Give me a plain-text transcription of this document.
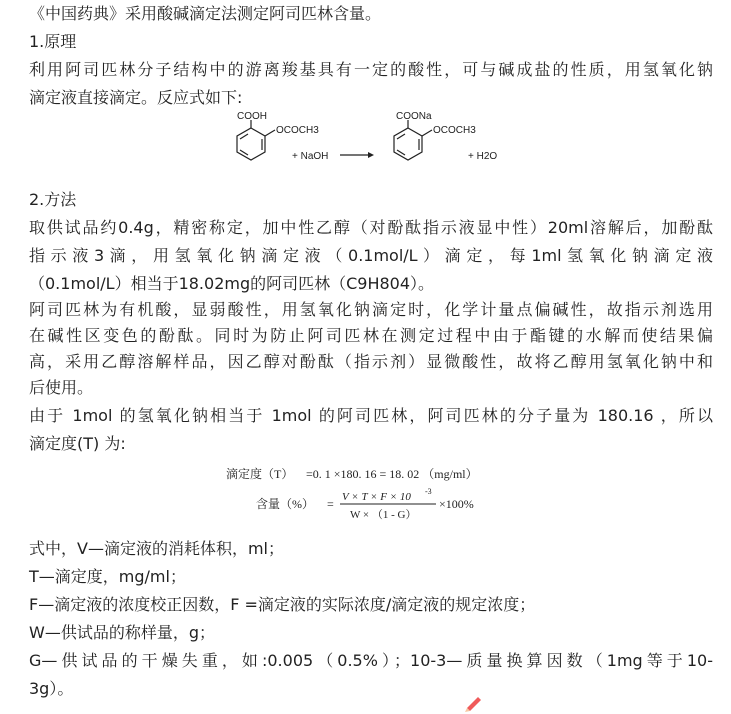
《中国药典》采用酸碱滴定法测定阿司匹林含量。
1.原理
利用阿司匹林分子结构中的游离羧基具有一定的酸性，可与碱成盐的性质，用氢氧化钠
滴定液直接滴定。反应式如下:
COOH
OCOCH3
+ NaOH
COONa
OCOCH3
+ H2O
2.方法
取供试品约0.4g，精密称定，加中性乙醇（对酚酞指示液显中性）20ml溶解后，加酚酞
指 示 液 3 滴 ， 用 氢 氧 化 钠 滴 定 液 （ 0.1mol/L ） 滴 定 ， 每 1ml 氢 氧 化 钠 滴 定 液
（0.1mol/L）相当于18.02mg的阿司匹林（C9H804）。
阿司匹林为有机酸，显弱酸性，用氢氧化钠滴定时，化学计量点偏碱性，故指示剂选用
在碱性区变色的酚酞。同时为防止阿司匹林在测定过程中由于酯键的水解而使结果偏
高，采用乙醇溶解样品，因乙醇对酚酞（指示剂）显微酸性，故将乙醇用氢氧化钠中和
后使用。
由于 1mol 的氢氧化钠相当于 1mol 的阿司匹林，阿司匹林的分子量为 180.16 ，所以
滴定度(T) 为:
滴定度（T） =0. 1 ×180. 16 = 18. 02 （mg/ml）
含量（%） = V × T × F × 10 -3
W × （1 - G）
×100%
式中，V—滴定液的消耗体积，ml；
T—滴定度，mg/ml；
F—滴定液的浓度校正因数，F =滴定液的实际浓度/滴定液的规定浓度；
W—供试品的称样量，g；
G—供试品的干燥失重，如:0.005（0.5%）；10-3—质量换算因数（1mg等于10-
3g）。
